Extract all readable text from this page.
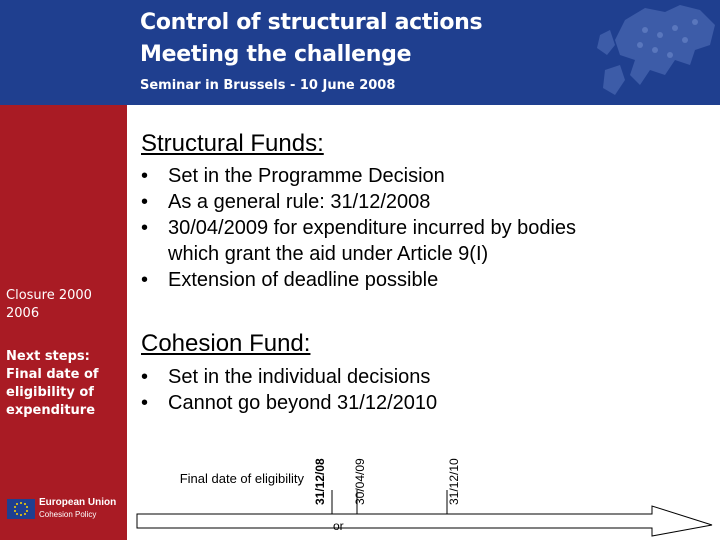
Control of structural actions
Meeting the challenge
Seminar in Brussels - 10 June 2008
Closure 2000 2006
Next steps: Final date of eligibility of expenditure
European Union
Cohesion Policy
Structural Funds:
• Set in the Programme Decision
• As a general rule: 31/12/2008
• 30/04/2009 for expenditure incurred by bodies
which grant the aid under Article 9(I)
• Extension of deadline possible
Cohesion Fund:
• Set in the individual decisions
• Cannot go beyond 31/12/2010
Final date of eligibility 31/12/08 30/04/09	31/12/10
or
